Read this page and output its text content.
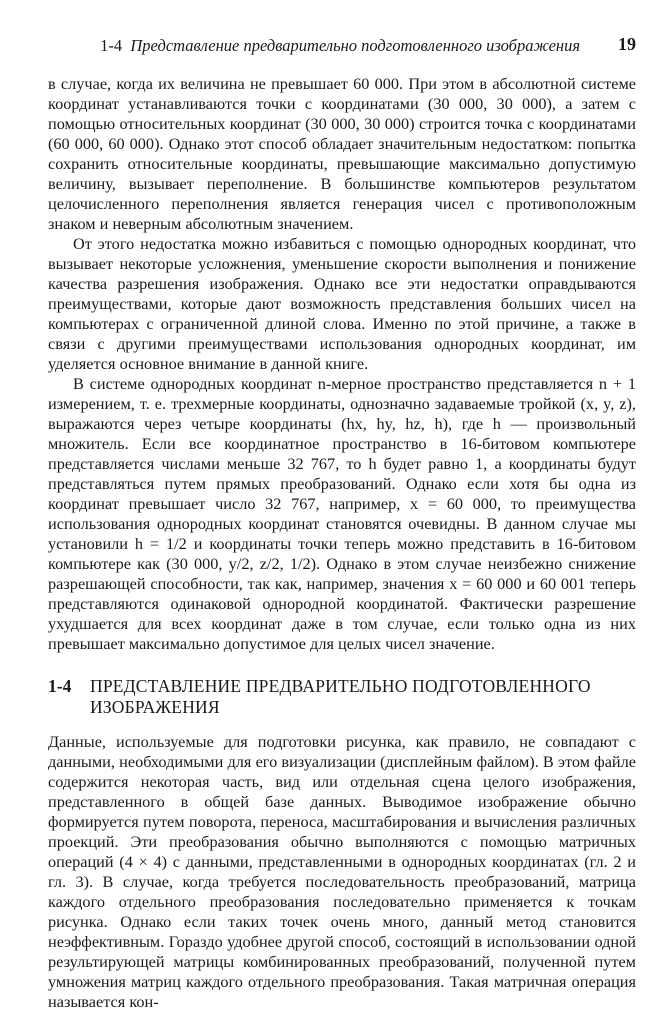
1-4 Представление предварительно подготовленного изображения 19

в случае, когда их величина не превышает 60 000. При этом в абсолютной системе координат устанавливаются точки с координатами (30 000, 30 000), а затем с помощью относительных координат (30 000, 30 000) строится точка с координатами (60 000, 60 000). Однако этот способ обладает значительным недостатком: попытка сохранить относительные координаты, превышающие максимально допустимую величину, вызывает переполнение. В большинстве компьютеров результатом целочисленного переполнения является генерация чисел с противоположным знаком и неверным абсолютным значением.

От этого недостатка можно избавиться с помощью однородных координат, что вызывает некоторые усложнения, уменьшение скорости выполнения и понижение качества разрешения изображения. Однако все эти недостатки оправдываются преимуществами, которые дают возможность представления больших чисел на компьютерах с ограниченной длиной слова. Именно по этой причине, а также в связи с другими преимуществами использования однородных координат, им уделяется основное внимание в данной книге.

В системе однородных координат n-мерное пространство представляется n + 1 измерением, т. е. трехмерные координаты, однозначно задаваемые тройкой (x, y, z), выражаются через четыре координаты (hx, hy, hz, h), где h — произвольный множитель. Если все координатное пространство в 16-битовом компьютере представляется числами меньше 32 767, то h будет равно 1, а координаты будут представляться путем прямых преобразований. Однако если хотя бы одна из координат превышает число 32 767, например, x = 60 000, то преимущества использования однородных координат становятся очевидны. В данном случае мы установили h = 1/2 и координаты точки теперь можно представить в 16-битовом компьютере как (30 000, y/2, z/2, 1/2). Однако в этом случае неизбежно снижение разрешающей способности, так как, например, значения x = 60 000 и 60 001 теперь представляются одинаковой однородной координатой. Фактически разрешение ухудшается для всех координат даже в том случае, если только одна из них превышает максимально допустимое для целых чисел значение.

1-4	ПРЕДСТАВЛЕНИЕ ПРЕДВАРИТЕЛЬНО ПОДГОТОВЛЕННОГО
ИЗОБРАЖЕНИЯ

Данные, используемые для подготовки рисунка, как правило, не совпадают с данными, необходимыми для его визуализации (дисплейным файлом). В этом файле содержится некоторая часть, вид или отдельная сцена целого изображения, представленного в общей базе данных. Выводимое изображение обычно формируется путем поворота, переноса, масштабирования и вычисления различных проекций. Эти преобразования обычно выполняются с помощью матричных операций (4 × 4) с данными, представленными в однородных координатах (гл. 2 и гл. 3). В случае, когда требуется последовательность преобразований, матрица каждого отдельного преобразования последовательно применяется к точкам рисунка. Однако если таких точек очень много, данный метод становится неэффективным. Гораздо удобнее другой способ, состоящий в использовании одной результирующей матрицы комбинированных преобразований, полученной путем умножения матриц каждого отдельного преобразования. Такая матричная операция называется кон-
